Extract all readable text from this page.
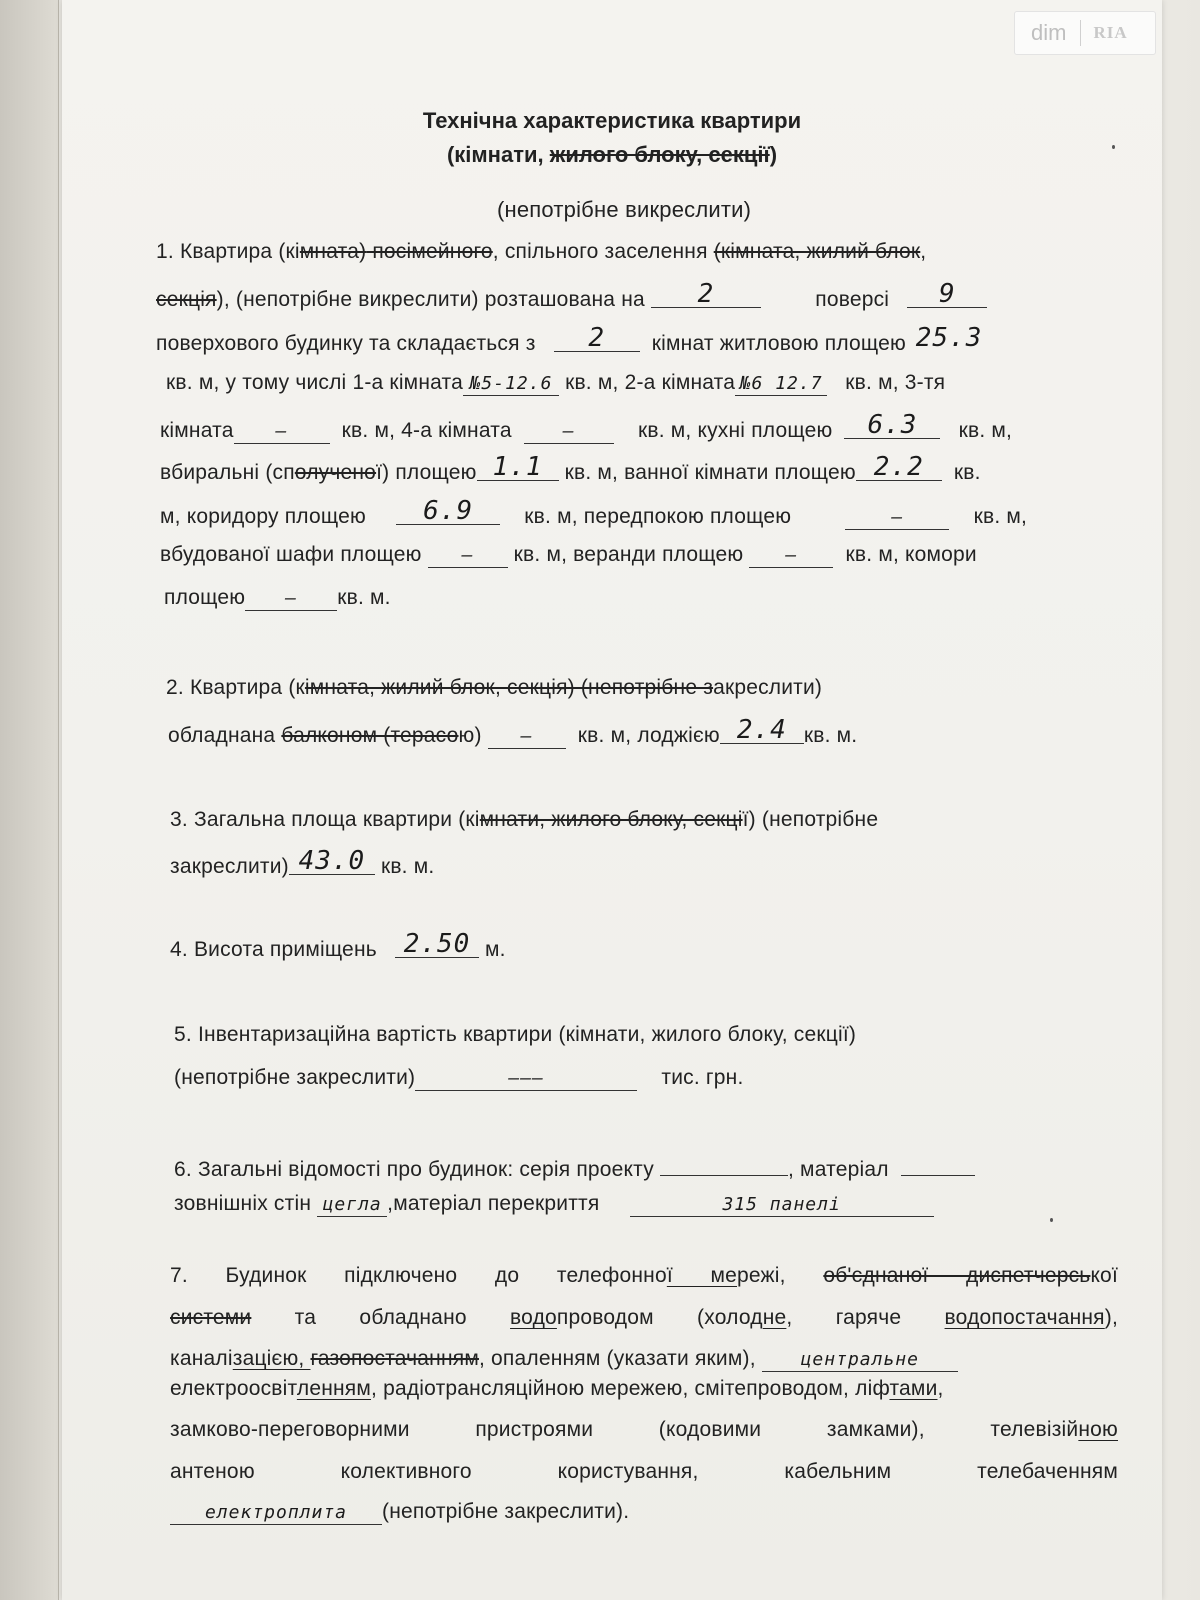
dim RIA
Технічна характеристика квартири
(кімнати, жилого блоку, секції)
(непотрібне викреслити)
1. Квартира (кімната) посімейного, спільного заселення (кімната, жилий блок,
секція), (непотрібне викреслити) розташована на 2	поверсі 9
поверхового будинку та складається з 2 кімнат житловою площею 25.3
кв. м, у тому числі 1-а кімната №5-12.6 кв. м, 2-а кімната №6 12.7 кв. м, 3-тя
кімната –	кв. м, 4-а кімната	–	кв. м, кухні площею 6.3 кв. м,
вбиральні (сполученої) площею 1.1 кв. м, ванної кімнати площею 2.2 кв.
м, коридору площею 6.9 кв. м, передпокою площею	–	кв. м,
вбудованої шафи площею – кв. м, веранди площею – кв. м, комори
площею — кв. м.
2. Квартира (кімната, жилий блок, секція) (непотрібне закреслити)
обладнана балконом (терасою) — кв. м, лоджією 2.4 кв. м.
3. Загальна площа квартири (кімнати, жилого блоку, секції) (непотрібне
закреслити) 43.0 кв. м.
4. Висота приміщень 2.50 м.
5. Інвентаризаційна вартість квартири (кімнати, жилого блоку, секції)
(непотрібне закреслити)	———	тис. грн.
6. Загальні відомості про будинок: серія проекту	, матеріал
зовнішніх стін цегла ,матеріал перекриття	315 панелі
7. Будинок підключено до телефонної мережі, об'єднаної диспетчерської
системи та обладнано водопроводом (холодне, гаряче водопостачання),
каналізацією, газопостачанням, опаленням (указати яким), центральне
електроосвітленням, радіотрансляційною мережею, смітепроводом, ліфтами,
замково-переговорними пристроями (кодовими замками), телевізійною
антеною колективного користування, кабельним телебаченням
електроплита (непотрібне закреслити).
